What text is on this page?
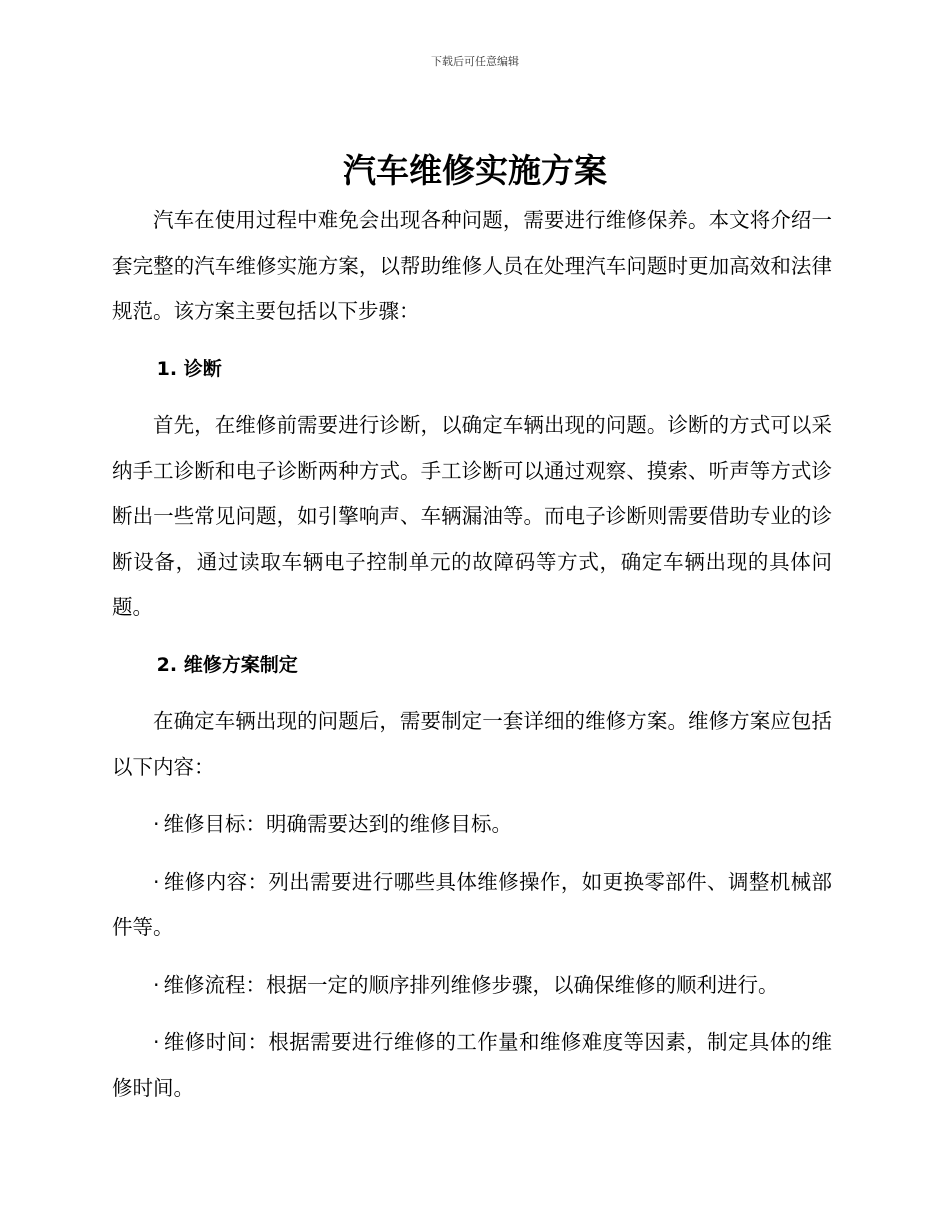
下载后可任意编辑
汽车维修实施方案

汽车在使用过程中难免会出现各种问题，需要进行维修保养。本文将介绍一套完整的汽车维修实施方案，以帮助维修人员在处理汽车问题时更加高效和法律规范。该方案主要包括以下步骤：

1. 诊断

首先，在维修前需要进行诊断，以确定车辆出现的问题。诊断的方式可以采纳手工诊断和电子诊断两种方式。手工诊断可以通过观察、摸索、听声等方式诊断出一些常见问题，如引擎响声、车辆漏油等。而电子诊断则需要借助专业的诊断设备，通过读取车辆电子控制单元的故障码等方式，确定车辆出现的具体问题。

2. 维修方案制定

在确定车辆出现的问题后，需要制定一套详细的维修方案。维修方案应包括以下内容：

· 维修目标：明确需要达到的维修目标。

· 维修内容：列出需要进行哪些具体维修操作，如更换零部件、调整机械部件等。

· 维修流程：根据一定的顺序排列维修步骤，以确保维修的顺利进行。

· 维修时间：根据需要进行维修的工作量和维修难度等因素，制定具体的维修时间。
